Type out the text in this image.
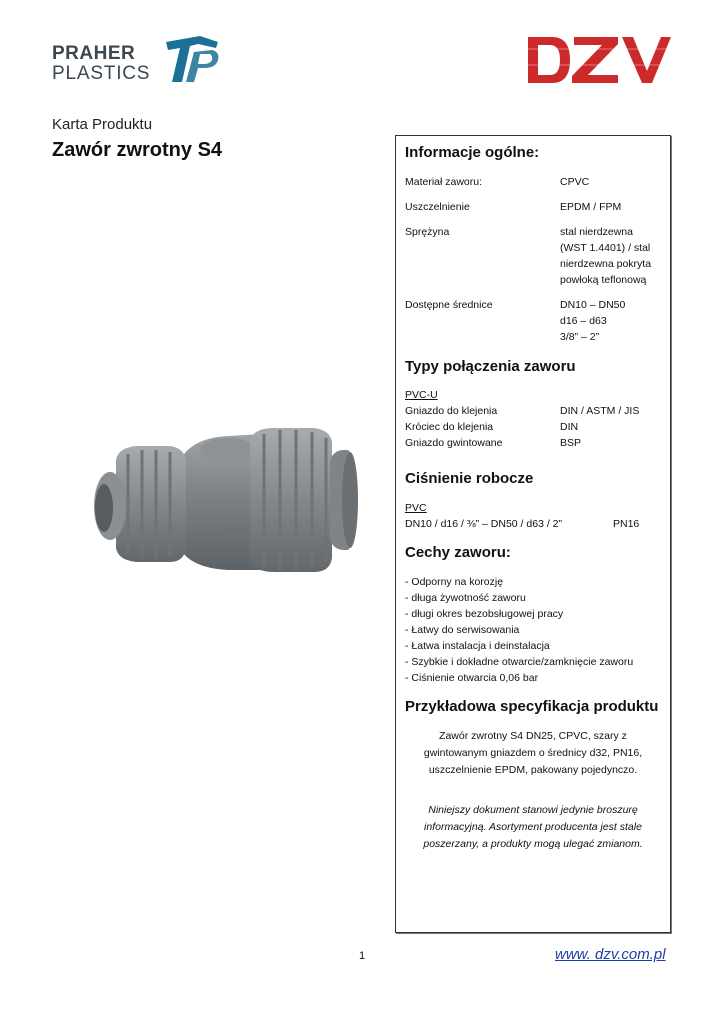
PRAHER
PLASTICS
Karta Produktu
Zawór zwrotny S4	Informacje ogólne:
Materiał zaworu:	CPVC
Uszczelnienie	EPDM / FPM
Sprężyna	stal nierdzewna
(WST 1.4401) / stal
nierdzewna pokryta
powłoką teflonową
Dostępne średnice	DN10 – DN50
d16 – d63
3/8” – 2”
Typy połączenia zaworu
PVC-U
Gniazdo do klejenia	DIN / ASTM / JIS
Króciec do klejenia	DIN
Gniazdo gwintowane	BSP
Ciśnienie robocze
PVC
DN10 / d16 / ⅜” – DN50 / d63 / 2”	PN16
Cechy zaworu:
- Odporny na korozję
- długa żywotność zaworu
- długi okres bezobsługowej pracy
- Łatwy do serwisowania
- Łatwa instalacja i deinstalacja
- Szybkie i dokładne otwarcie/zamknięcie zaworu
- Ciśnienie otwarcia 0,06 bar
Przykładowa specyfikacja produktu
Zawór zwrotny S4 DN25, CPVC, szary z
gwintowanym gniazdem o średnicy d32, PN16,
uszczelnienie EPDM, pakowany pojedynczo.
Niniejszy dokument stanowi jedynie broszurę
informacyjną. Asortyment producenta jest stale
poszerzany, a produkty mogą ulegać zmianom.
1	www. dzv.com.pl
